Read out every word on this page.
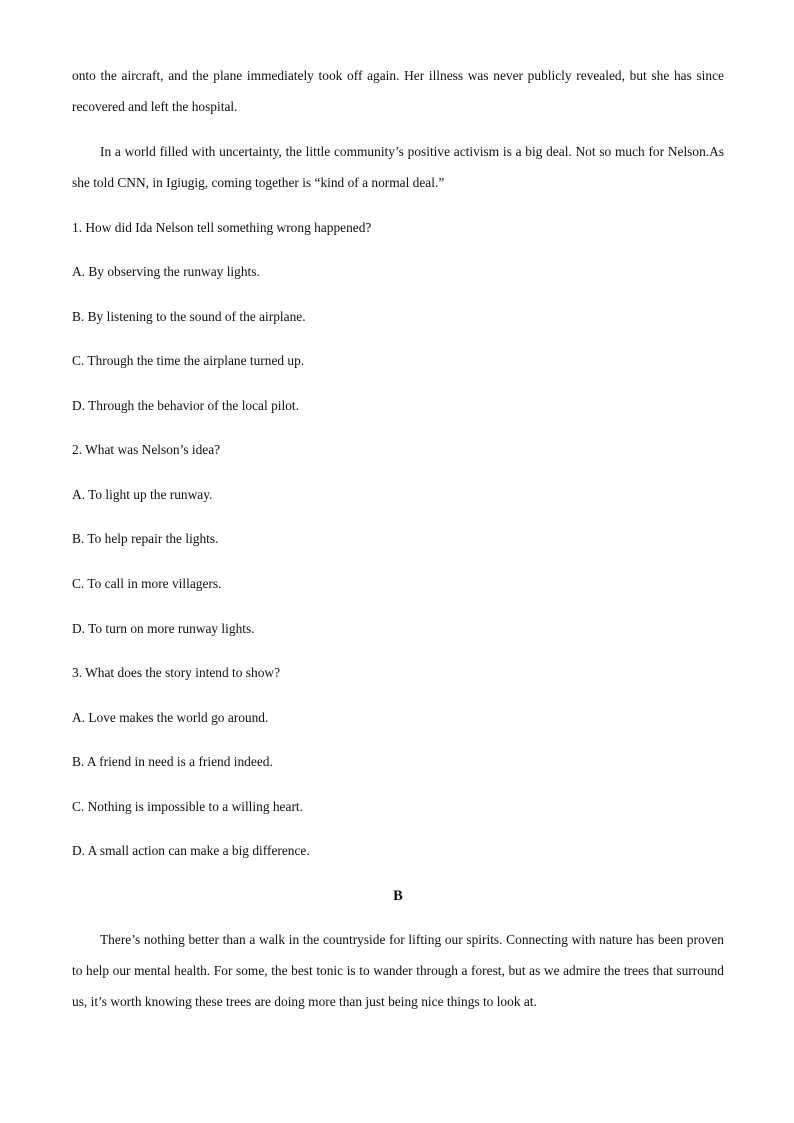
onto the aircraft, and the plane immediately took off again. Her illness was never publicly revealed, but she has since recovered and left the hospital.

In a world filled with uncertainty, the little community’s positive activism is a big deal. Not so much for Nelson.As she told CNN, in Igiugig, coming together is “kind of a normal deal.”

1. How did Ida Nelson tell something wrong happened?

A. By observing the runway lights.

B. By listening to the sound of the airplane.

C. Through the time the airplane turned up.

D. Through the behavior of the local pilot.

2. What was Nelson’s idea?

A. To light up the runway.

B. To help repair the lights.

C. To call in more villagers.

D. To turn on more runway lights.

3. What does the story intend to show?

A. Love makes the world go around.

B. A friend in need is a friend indeed.

C. Nothing is impossible to a willing heart.

D. A small action can make a big difference.

B

There’s nothing better than a walk in the countryside for lifting our spirits. Connecting with nature has been proven to help our mental health. For some, the best tonic is to wander through a forest, but as we admire the trees that surround us, it’s worth knowing these trees are doing more than just being nice things to look at.
